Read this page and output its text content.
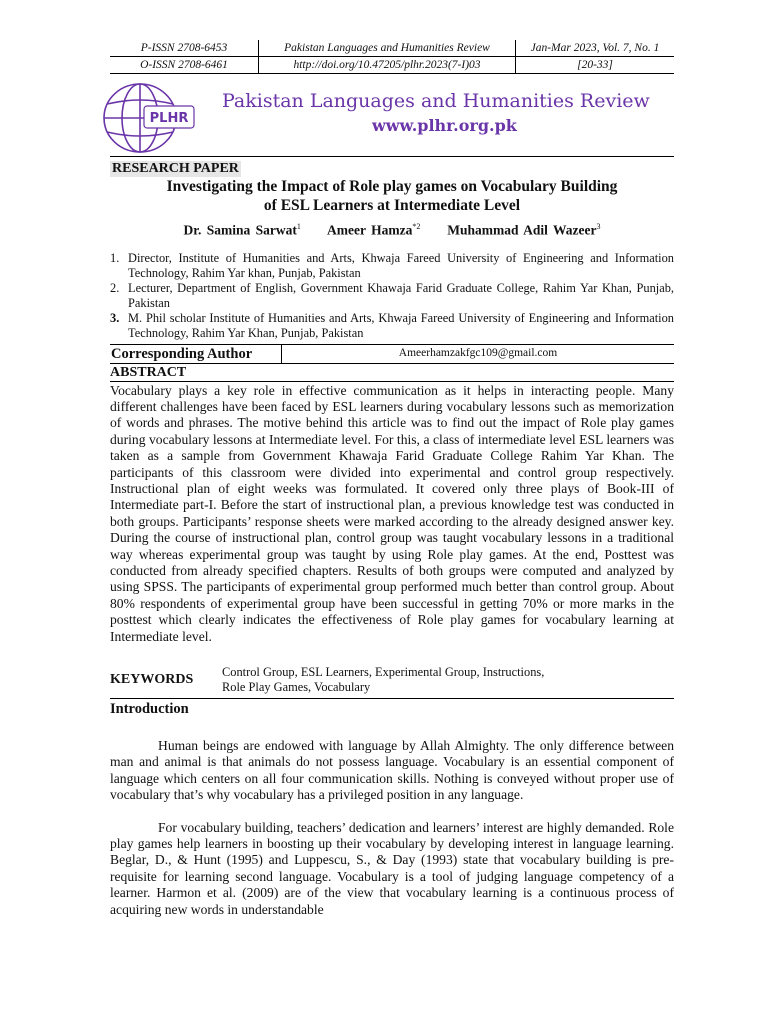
P-ISSN 2708-6453	Pakistan Languages and Humanities Review	Jan-Mar 2023, Vol. 7, No. 1
O-ISSN 2708-6461	http://doi.org/10.47205/plhr.2023(7-I)03	[20-33]
PLHR
Pakistan Languages and Humanities Review
www.plhr.org.pk
RESEARCH PAPER
Investigating the Impact of Role play games on Vocabulary Building
of ESL Learners at Intermediate Level
Dr. Samina Sarwat$^1$ Ameer Hamza$^{*2}$ Muhammad Adil Wazeer$^3$
1. Director, Institute of Humanities and Arts, Khwaja Fareed University of Engineering and Information Technology, Rahim Yar khan, Punjab, Pakistan
2. Lecturer, Department of English, Government Khawaja Farid Graduate College, Rahim Yar Khan, Punjab, Pakistan
3. M. Phil scholar Institute of Humanities and Arts, Khwaja Fareed University of Engineering and Information Technology, Rahim Yar Khan, Punjab, Pakistan
Corresponding Author	Ameerhamzakfgc109@gmail.com
ABSTRACT
Vocabulary plays a key role in effective communication as it helps in interacting people. Many different challenges have been faced by ESL learners during vocabulary lessons such as memorization of words and phrases. The motive behind this article was to find out the impact of Role play games during vocabulary lessons at Intermediate level. For this, a class of intermediate level ESL learners was taken as a sample from Government Khawaja Farid Graduate College Rahim Yar Khan. The participants of this classroom were divided into experimental and control group respectively. Instructional plan of eight weeks was formulated. It covered only three plays of Book-III of Intermediate part-I. Before the start of instructional plan, a previous knowledge test was conducted in both groups. Participants’ response sheets were marked according to the already designed answer key. During the course of instructional plan, control group was taught vocabulary lessons in a traditional way whereas experimental group was taught by using Role play games. At the end, Posttest was conducted from already specified chapters. Results of both groups were computed and analyzed by using SPSS. The participants of experimental group performed much better than control group. About 80% respondents of experimental group have been successful in getting 70% or more marks in the posttest which clearly indicates the effectiveness of Role play games for vocabulary learning at Intermediate level.
KEYWORDS	Control Group, ESL Learners, Experimental Group, Instructions,
Role Play Games, Vocabulary
Introduction
Human beings are endowed with language by Allah Almighty. The only difference between man and animal is that animals do not possess language. Vocabulary is an essential component of language which centers on all four communication skills. Nothing is conveyed without proper use of vocabulary that’s why vocabulary has a privileged position in any language.
For vocabulary building, teachers’ dedication and learners’ interest are highly demanded. Role play games help learners in boosting up their vocabulary by developing interest in language learning. Beglar, D., & Hunt (1995) and Luppescu, S., & Day (1993) state that vocabulary building is pre-requisite for learning second language. Vocabulary is a tool of judging language competency of a learner. Harmon et al. (2009) are of the view that vocabulary learning is a continuous process of acquiring new words in understandable
